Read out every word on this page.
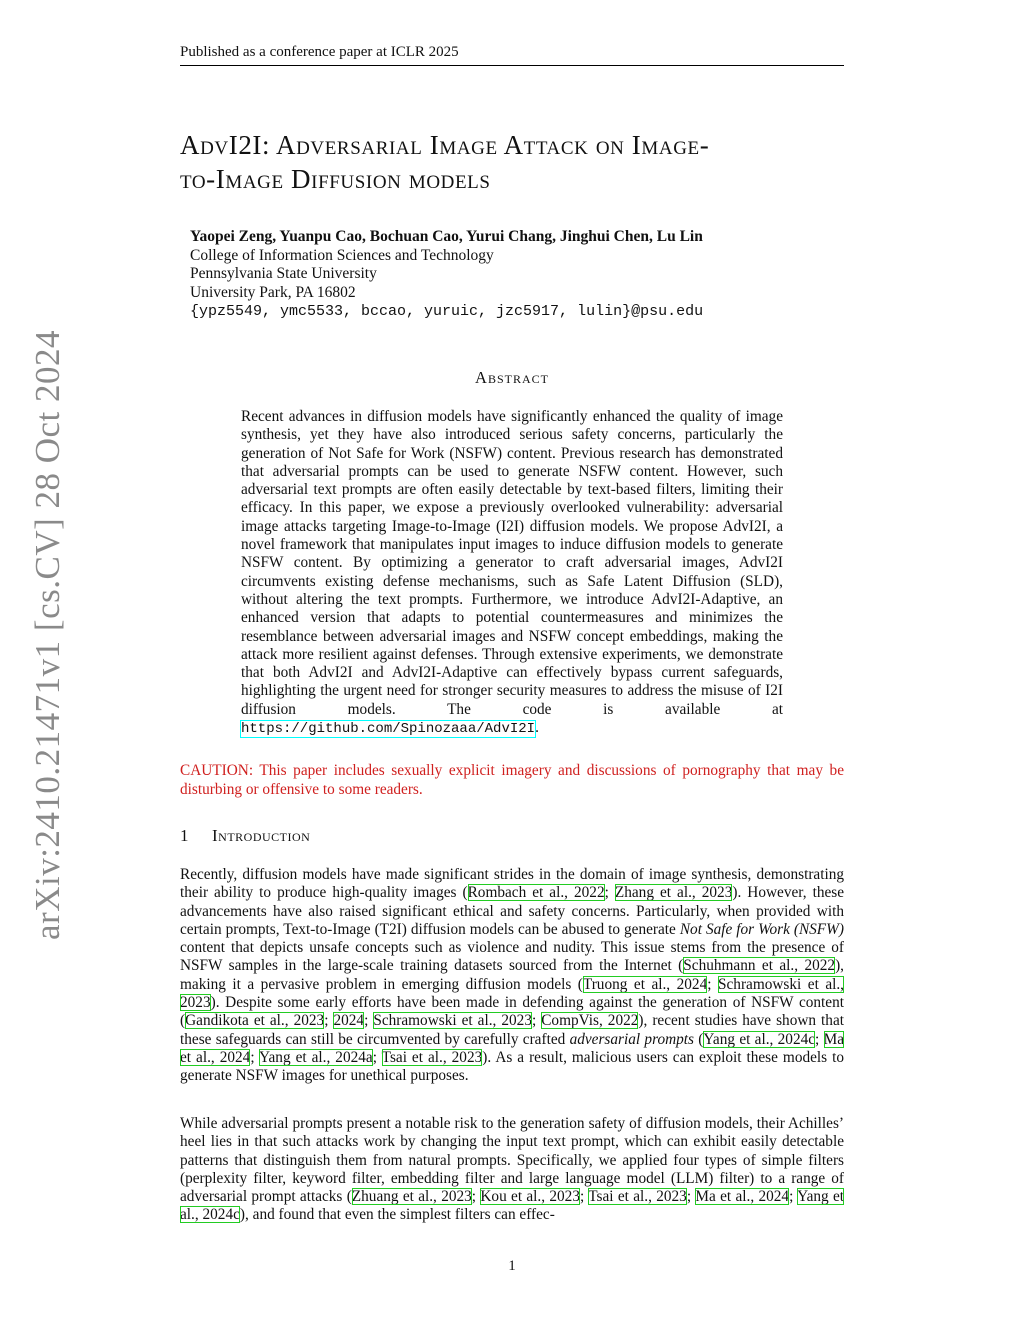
Published as a conference paper at ICLR 2025
arXiv:2410.21471v1 [cs.CV] 28 Oct 2024
AdvI2I: Adversarial Image Attack on Image-
to-Image Diffusion models
Yaopei Zeng, Yuanpu Cao, Bochuan Cao, Yurui Chang, Jinghui Chen, Lu Lin
College of Information Sciences and Technology
Pennsylvania State University
University Park, PA 16802
{ypz5549, ymc5533, bccao, yuruic, jzc5917, lulin}@psu.edu
Abstract
Recent advances in diffusion models have significantly enhanced the quality of image synthesis, yet they have also introduced serious safety concerns, particularly the generation of Not Safe for Work (NSFW) content. Previous research has demonstrated that adversarial prompts can be used to generate NSFW content. However, such adversarial text prompts are often easily detectable by text-based filters, limiting their efficacy. In this paper, we expose a previously overlooked vulnerability: adversarial image attacks targeting Image-to-Image (I2I) diffusion models. We propose AdvI2I, a novel framework that manipulates input images to induce diffusion models to generate NSFW content. By optimizing a generator to craft adversarial images, AdvI2I circumvents existing defense mechanisms, such as Safe Latent Diffusion (SLD), without altering the text prompts. Furthermore, we introduce AdvI2I-Adaptive, an enhanced version that adapts to potential countermeasures and minimizes the resemblance between adversarial images and NSFW concept embeddings, making the attack more resilient against defenses. Through extensive experiments, we demonstrate that both AdvI2I and AdvI2I-Adaptive can effectively bypass current safeguards, highlighting the urgent need for stronger security measures to address the misuse of I2I diffusion models. The code is available at https://github.com/Spinozaaa/AdvI2I.
CAUTION: This paper includes sexually explicit imagery and discussions of pornography that may be disturbing or offensive to some readers.
1 Introduction
Recently, diffusion models have made significant strides in the domain of image synthesis, demonstrating their ability to produce high-quality images (Rombach et al., 2022; Zhang et al., 2023). However, these advancements have also raised significant ethical and safety concerns. Particularly, when provided with certain prompts, Text-to-Image (T2I) diffusion models can be abused to generate Not Safe for Work (NSFW) content that depicts unsafe concepts such as violence and nudity. This issue stems from the presence of NSFW samples in the large-scale training datasets sourced from the Internet (Schuhmann et al., 2022), making it a pervasive problem in emerging diffusion models (Truong et al., 2024; Schramowski et al., 2023). Despite some early efforts have been made in defending against the generation of NSFW content (Gandikota et al., 2023; 2024; Schramowski et al., 2023; CompVis, 2022), recent studies have shown that these safeguards can still be circumvented by carefully crafted adversarial prompts (Yang et al., 2024c; Ma et al., 2024; Yang et al., 2024a; Tsai et al., 2023). As a result, malicious users can exploit these models to generate NSFW images for unethical purposes.
While adversarial prompts present a notable risk to the generation safety of diffusion models, their Achilles’ heel lies in that such attacks work by changing the input text prompt, which can exhibit easily detectable patterns that distinguish them from natural prompts. Specifically, we applied four types of simple filters (perplexity filter, keyword filter, embedding filter and large language model (LLM) filter) to a range of adversarial prompt attacks (Zhuang et al., 2023; Kou et al., 2023; Tsai et al., 2023; Ma et al., 2024; Yang et al., 2024c), and found that even the simplest filters can effec-
1
